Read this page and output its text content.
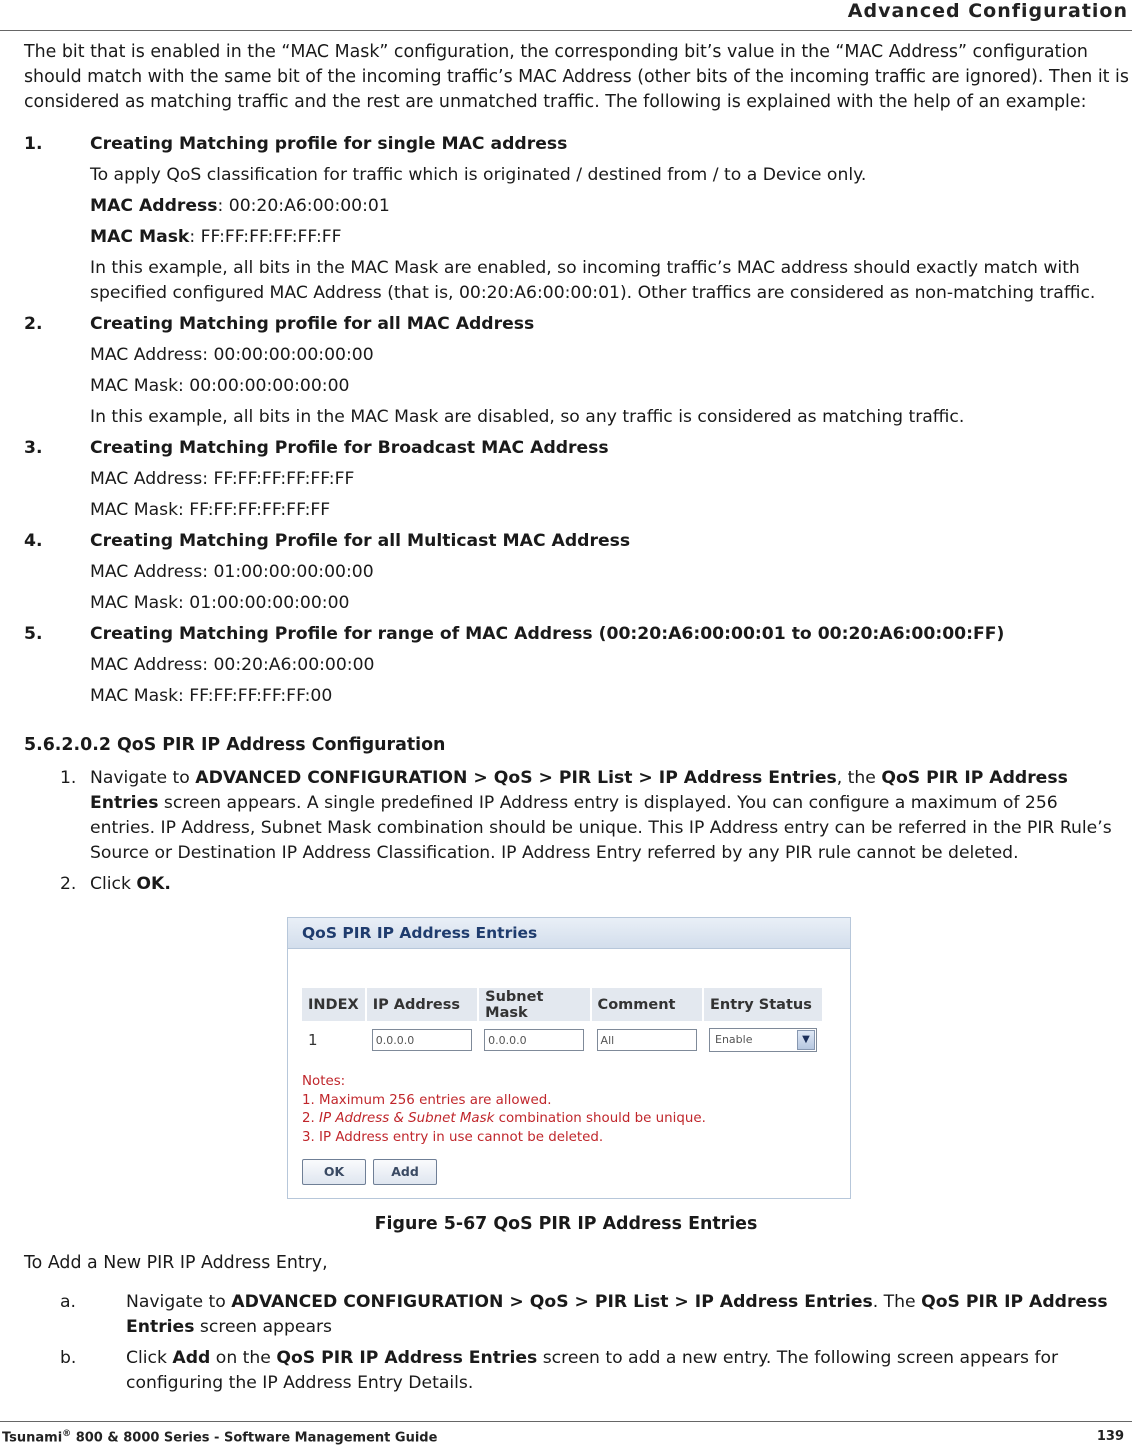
Advanced Configuration

The bit that is enabled in the “MAC Mask” configuration, the corresponding bit’s value in the “MAC Address” configuration should match with the same bit of the incoming traffic’s MAC Address (other bits of the incoming traffic are ignored). Then it is considered as matching traffic and the rest are unmatched traffic. The following is explained with the help of an example:

1.	Creating Matching profile for single MAC address
To apply QoS classification for traffic which is originated / destined from / to a Device only.
MAC Address: 00:20:A6:00:00:01
MAC Mask: FF:FF:FF:FF:FF:FF
In this example, all bits in the MAC Mask are enabled, so incoming traffic’s MAC address should exactly match with specified configured MAC Address (that is, 00:20:A6:00:00:01). Other traffics are considered as non-matching traffic.
2.	Creating Matching profile for all MAC Address
MAC Address: 00:00:00:00:00:00
MAC Mask: 00:00:00:00:00:00
In this example, all bits in the MAC Mask are disabled, so any traffic is considered as matching traffic.
3.	Creating Matching Profile for Broadcast MAC Address
MAC Address: FF:FF:FF:FF:FF:FF
MAC Mask: FF:FF:FF:FF:FF:FF
4.	Creating Matching Profile for all Multicast MAC Address
MAC Address: 01:00:00:00:00:00
MAC Mask: 01:00:00:00:00:00
5.	Creating Matching Profile for range of MAC Address (00:20:A6:00:00:01 to 00:20:A6:00:00:FF)
MAC Address: 00:20:A6:00:00:00
MAC Mask: FF:FF:FF:FF:FF:00
5.6.2.0.2 QoS PIR IP Address Configuration
1. Navigate to ADVANCED CONFIGURATION > QoS > PIR List > IP Address Entries, the QoS PIR IP Address Entries screen appears. A single predefined IP Address entry is displayed. You can configure a maximum of 256 entries. IP Address, Subnet Mask combination should be unique. This IP Address entry can be referred in the PIR Rule’s Source or Destination IP Address Classification. IP Address Entry referred by any PIR rule cannot be deleted.
2. Click OK.
QoS PIR IP Address Entries
INDEX	IP Address	Subnet Mask	Comment	Entry Status
1	0.0.0.0	0.0.0.0	All	Enable ▼
Notes:
1. Maximum 256 entries are allowed.
2. IP Address & Subnet Mask combination should be unique.
3. IP Address entry in use cannot be deleted.
OK	Add
Figure 5-67 QoS PIR IP Address Entries
To Add a New PIR IP Address Entry,
a.	Navigate to ADVANCED CONFIGURATION > QoS > PIR List > IP Address Entries. The QoS PIR IP Address Entries screen appears
b.	Click Add on the QoS PIR IP Address Entries screen to add a new entry. The following screen appears for configuring the IP Address Entry Details.
Tsunami® 800 & 8000 Series - Software Management Guide	139
